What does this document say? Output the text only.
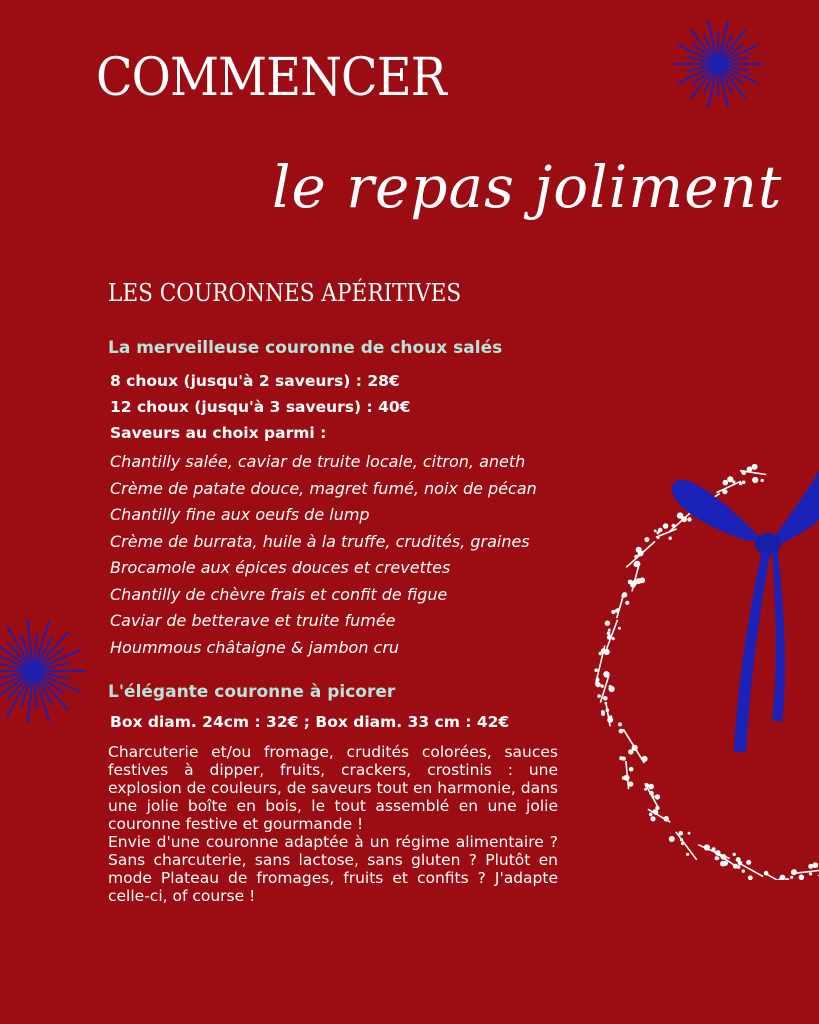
COMMENCER
le repas joliment
LES COURONNES APÉRITIVES
La merveilleuse couronne de choux salés
8 choux (jusqu'à 2 saveurs) : 28€
12 choux (jusqu'à 3 saveurs) : 40€
Saveurs au choix parmi :
Chantilly salée, caviar de truite locale, citron, aneth
Crème de patate douce, magret fumé, noix de pécan
Chantilly fine aux oeufs de lump
Crème de burrata, huile à la truffe, crudités, graines
Brocamole aux épices douces et crevettes
Chantilly de chèvre frais et confit de figue
Caviar de betterave et truite fumée
Hoummous châtaigne & jambon cru
L'élégante couronne à picorer
Box diam. 24cm : 32€ ; Box diam. 33 cm : 42€

Charcuterie et/ou fromage, crudités colorées, sauces festives à dipper, fruits, crackers, crostinis : une explosion de couleurs, de saveurs tout en harmonie, dans une jolie boîte en bois, le tout assemblé en une jolie couronne festive et gourmande !

Envie d'une couronne adaptée à un régime alimentaire ? Sans charcuterie, sans lactose, sans gluten ? Plutôt en mode Plateau de fromages, fruits et confits ? J'adapte celle-ci, of course !
